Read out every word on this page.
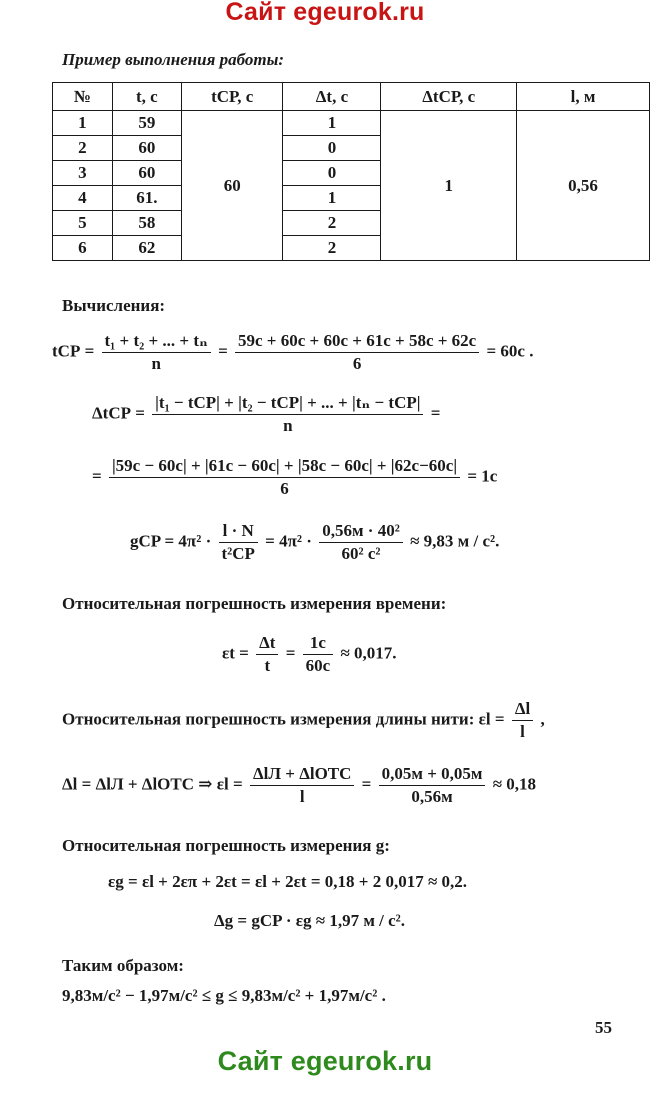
Сайт egeurok.ru
Пример выполнения работы:
№	t, с	tСР, с	Δt, с	ΔtСР, с	l, м
1	59	60	1	1	0,56
2	60		0		
3	60		0		
4	61.		1		
5	58		2		
6	62		2		
Вычисления:
tСР = $\frac{\text{t₁ + t₂ + ... + tₙ}}{n} = \frac{59с + 60с + 60с + 61с + 58с + 62с}{6} = 60с$ .
$\Delta tСР = \frac{\text{|t₁ − tСР| + |t₂ − tСР| + ... + |tₙ − tСР|}}{n}$ =
= $\frac{|59с - 60с| + |61с - 60с| + |58с - 60с| + |62с-60с|}{6} = 1с$
gCP = $4\pi^2 \cdot \frac{l \cdot N}{\text{t²CP}} = 4\pi^2 \cdot \frac{\text{0,56м · 40²}}{\text{60² с²}} \approx 9,83$ м / с².
Относительная погрешность измерения времени:
$\varepsilon t = \frac{\Delta t}{t} = \frac{1с}{60с} \approx 0,017$.
Относительная погрешность измерения длины нити: $\varepsilon l = \frac{\Delta l}{l}$ ,
Δl = ΔlЛ + ΔlОТС ⇒ $\varepsilon l = \frac{\text{ΔlЛ + ΔlОТС}}{l} = \frac{0,05м + 0,05м}{0,56м} \approx 0,18$
Относительная погрешность измерения g:
εg = εl + 2επ + 2εt = εl + 2εt = 0,18 + 2 0,017 ≈ 0,2.
Δg = gCP · εg ≈ 1,97 м / с².
Таким образом:
9,83м/с² − 1,97м/с² ≤ g ≤ 9,83м/с² + 1,97м/с² .
55
Сайт egeurok.ru
